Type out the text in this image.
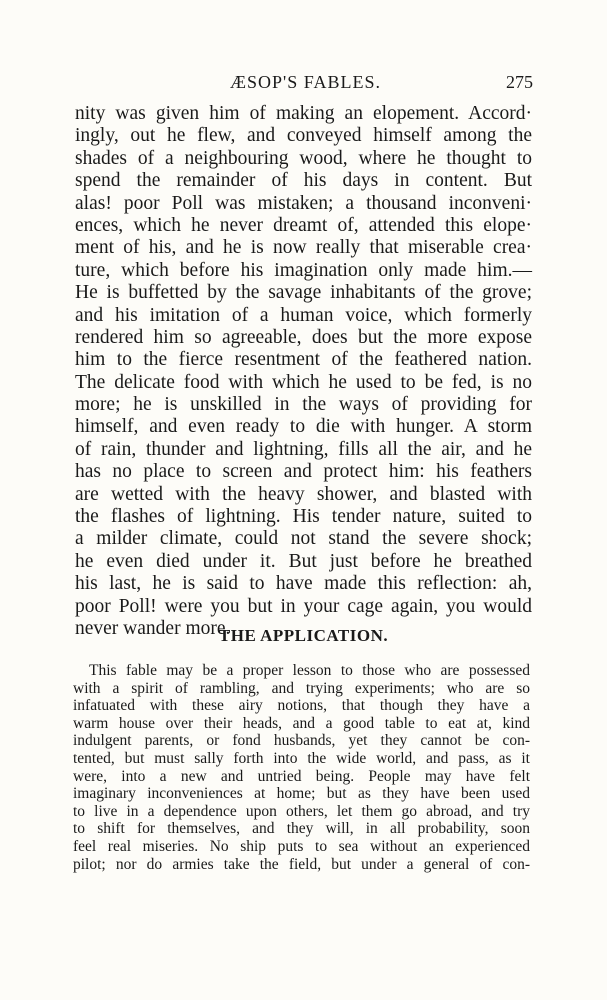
ÆSOP'S FABLES.	275
nity was given him of making an elopement. Accord·
ingly, out he flew, and conveyed himself among the
shades of a neighbouring wood, where he thought to
spend the remainder of his days in content. But
alas! poor Poll was mistaken; a thousand inconveni·
ences, which he never dreamt of, attended this elope·
ment of his, and he is now really that miserable crea·
ture, which before his imagination only made him.—
He is buffetted by the savage inhabitants of the grove;
and his imitation of a human voice, which formerly
rendered him so agreeable, does but the more expose
him to the fierce resentment of the feathered nation.
The delicate food with which he used to be fed, is no
more; he is unskilled in the ways of providing for
himself, and even ready to die with hunger. A storm
of rain, thunder and lightning, fills all the air, and he
has no place to screen and protect him: his feathers
are wetted with the heavy shower, and blasted with
the flashes of lightning. His tender nature, suited to
a milder climate, could not stand the severe shock;
he even died under it. But just before he breathed
his last, he is said to have made this reflection: ah,
poor Poll! were you but in your cage again, you would
never wander more.
THE APPLICATION.
This fable may be a proper lesson to those who are possessed
with a spirit of rambling, and trying experiments; who are so
infatuated with these airy notions, that though they have a
warm house over their heads, and a good table to eat at, kind
indulgent parents, or fond husbands, yet they cannot be con-
tented, but must sally forth into the wide world, and pass, as it
were, into a new and untried being. People may have felt
imaginary inconveniences at home; but as they have been used
to live in a dependence upon others, let them go abroad, and try
to shift for themselves, and they will, in all probability, soon
feel real miseries. No ship puts to sea without an experienced
pilot; nor do armies take the field, but under a general of con-
